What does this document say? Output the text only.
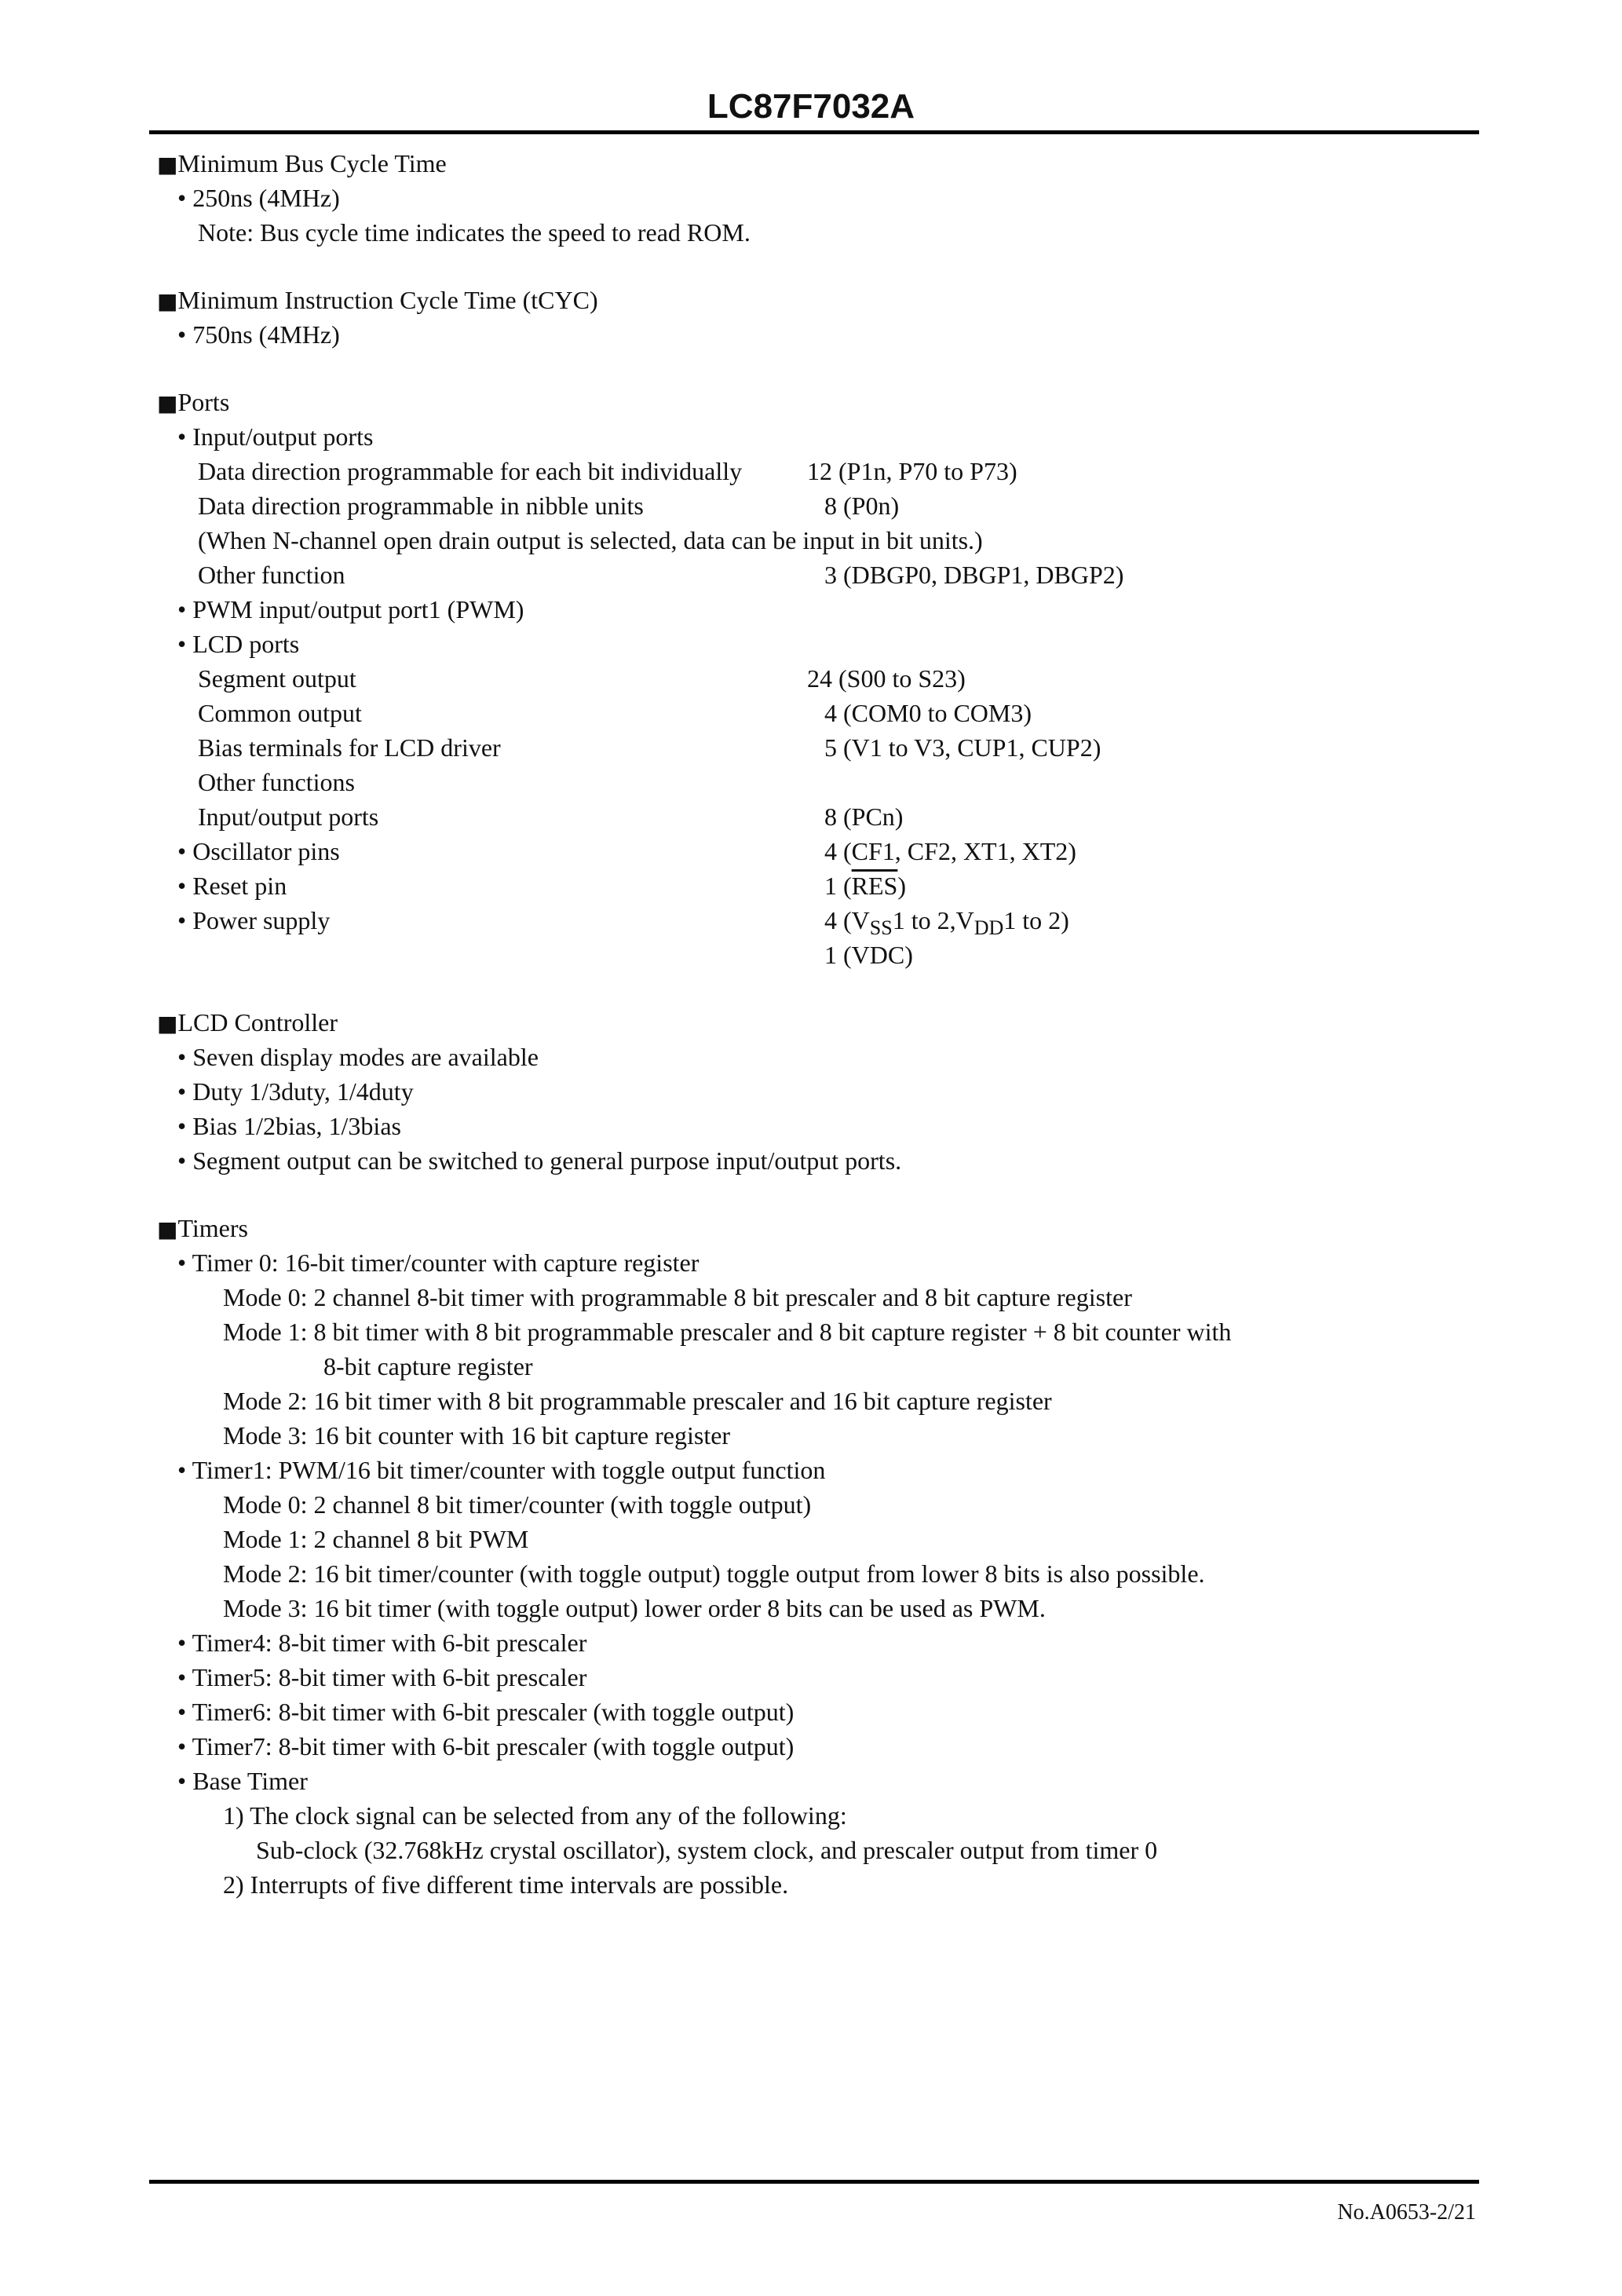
LC87F7032A
■Minimum Bus Cycle Time
• 250ns (4MHz)
Note: Bus cycle time indicates the speed to read ROM.
■Minimum Instruction Cycle Time (tCYC)
• 750ns (4MHz)
■Ports
• Input/output ports
Data direction programmable for each bit individually	12 (P1n, P70 to P73)
Data direction programmable in nibble units	8 (P0n)
(When N-channel open drain output is selected, data can be input in bit units.)
Other function	3 (DBGP0, DBGP1, DBGP2)
• PWM input/output port1 (PWM)
• LCD ports
Segment output	24 (S00 to S23)
Common output	4 (COM0 to COM3)
Bias terminals for LCD driver	5 (V1 to V3, CUP1, CUP2)
Other functions
Input/output ports	8 (PCn)
• Oscillator pins	4 (CF1, CF2, XT1, XT2)
• Reset pin	1 $(\overline{RES})$
• Power supply	4 ($V_{SS}1$ to $2,V_{DD}1$ to 2)
1 (VDC)
■LCD Controller
• Seven display modes are available
• Duty 1/3duty, 1/4duty
• Bias 1/2bias, 1/3bias
• Segment output can be switched to general purpose input/output ports.
■Timers
• Timer 0: 16-bit timer/counter with capture register
Mode 0: 2 channel 8-bit timer with programmable 8 bit prescaler and 8 bit capture register
Mode 1: 8 bit timer with 8 bit programmable prescaler and 8 bit capture register + 8 bit counter with
8-bit capture register
Mode 2: 16 bit timer with 8 bit programmable prescaler and 16 bit capture register
Mode 3: 16 bit counter with 16 bit capture register
• Timer1: PWM/16 bit timer/counter with toggle output function
Mode 0: 2 channel 8 bit timer/counter (with toggle output)
Mode 1: 2 channel 8 bit PWM
Mode 2: 16 bit timer/counter (with toggle output) toggle output from lower 8 bits is also possible.
Mode 3: 16 bit timer (with toggle output) lower order 8 bits can be used as PWM.
• Timer4: 8-bit timer with 6-bit prescaler
• Timer5: 8-bit timer with 6-bit prescaler
• Timer6: 8-bit timer with 6-bit prescaler (with toggle output)
• Timer7: 8-bit timer with 6-bit prescaler (with toggle output)
• Base Timer
1) The clock signal can be selected from any of the following:
Sub-clock (32.768kHz crystal oscillator), system clock, and prescaler output from timer 0
2) Interrupts of five different time intervals are possible.
No.A0653-2/21
